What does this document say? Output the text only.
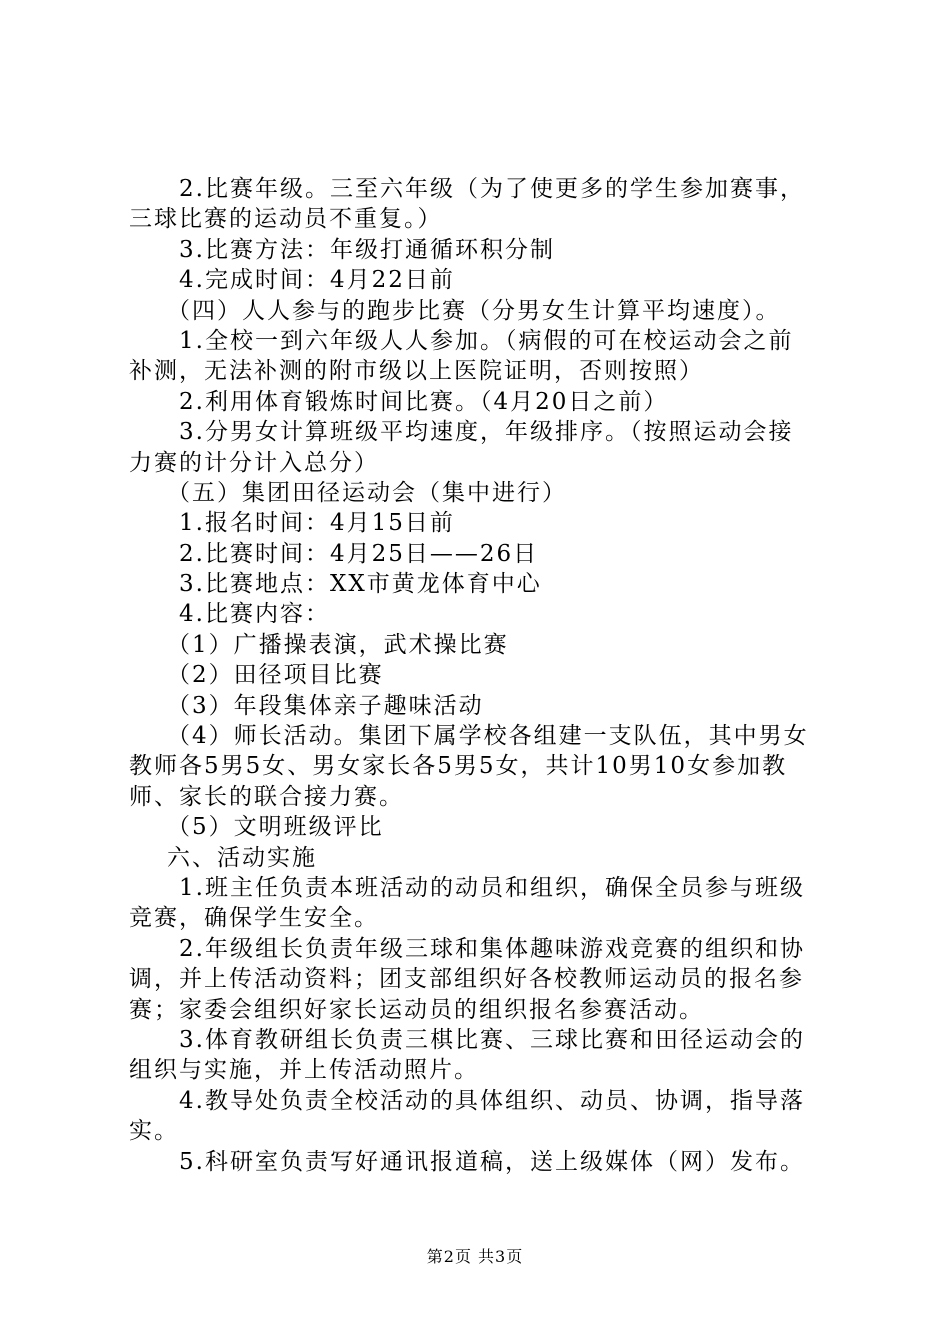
2.比赛年级。三至六年级（为了使更多的学生参加赛事，
三球比赛的运动员不重复。）
3.比赛方法：年级打通循环积分制
4.完成时间：4月22日前
（四）人人参与的跑步比赛（分男女生计算平均速度）。
1.全校一到六年级人人参加。（病假的可在校运动会之前
补测，无法补测的附市级以上医院证明，否则按照）
2.利用体育锻炼时间比赛。（4月20日之前）
3.分男女计算班级平均速度，年级排序。（按照运动会接
力赛的计分计入总分）
（五）集团田径运动会（集中进行）
1.报名时间：4月15日前
2.比赛时间：4月25日——26日
3.比赛地点：XX市黄龙体育中心
4.比赛内容：
（1）广播操表演，武术操比赛
（2）田径项目比赛
（3）年段集体亲子趣味活动
（4）师长活动。集团下属学校各组建一支队伍，其中男女
教师各5男5女、男女家长各5男5女，共计10男10女参加教
师、家长的联合接力赛。
（5）文明班级评比
六、活动实施
1.班主任负责本班活动的动员和组织，确保全员参与班级
竞赛，确保学生安全。
2.年级组长负责年级三球和集体趣味游戏竞赛的组织和协
调，并上传活动资料；团支部组织好各校教师运动员的报名参
赛；家委会组织好家长运动员的组织报名参赛活动。
3.体育教研组长负责三棋比赛、三球比赛和田径运动会的
组织与实施，并上传活动照片。
4.教导处负责全校活动的具体组织、动员、协调，指导落
实。
5.科研室负责写好通讯报道稿，送上级媒体（网）发布。
第2页 共3页
